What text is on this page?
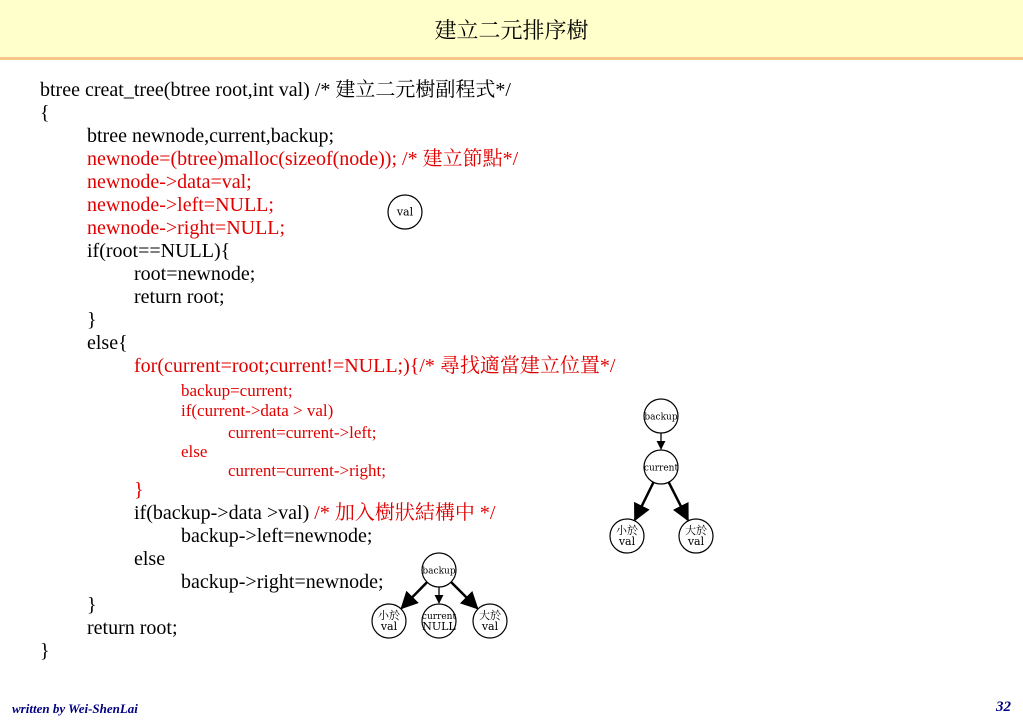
建立二元排序樹
btree creat_tree(btree root,int val) /* 建立二元樹副程式*/
{
btree newnode,current,backup;
newnode=(btree)malloc(sizeof(node)); /* 建立節點*/
newnode->data=val;
newnode->left=NULL;
newnode->right=NULL;
if(root==NULL){
root=newnode;
return root;
}
else{
for(current=root;current!=NULL;){/* 尋找適當建立位置*/
backup=current;
if(current->data > val)
current=current->left;
else
current=current->right;
}
if(backup->data >val) /* 加入樹狀結構中 */
backup->left=newnode;
else
backup->right=newnode;
}
return root;
}
val
backup
current
小於
val
大於
val
backup
小於
val
current
NULL
大於
val
written by Wei-ShenLai	32
